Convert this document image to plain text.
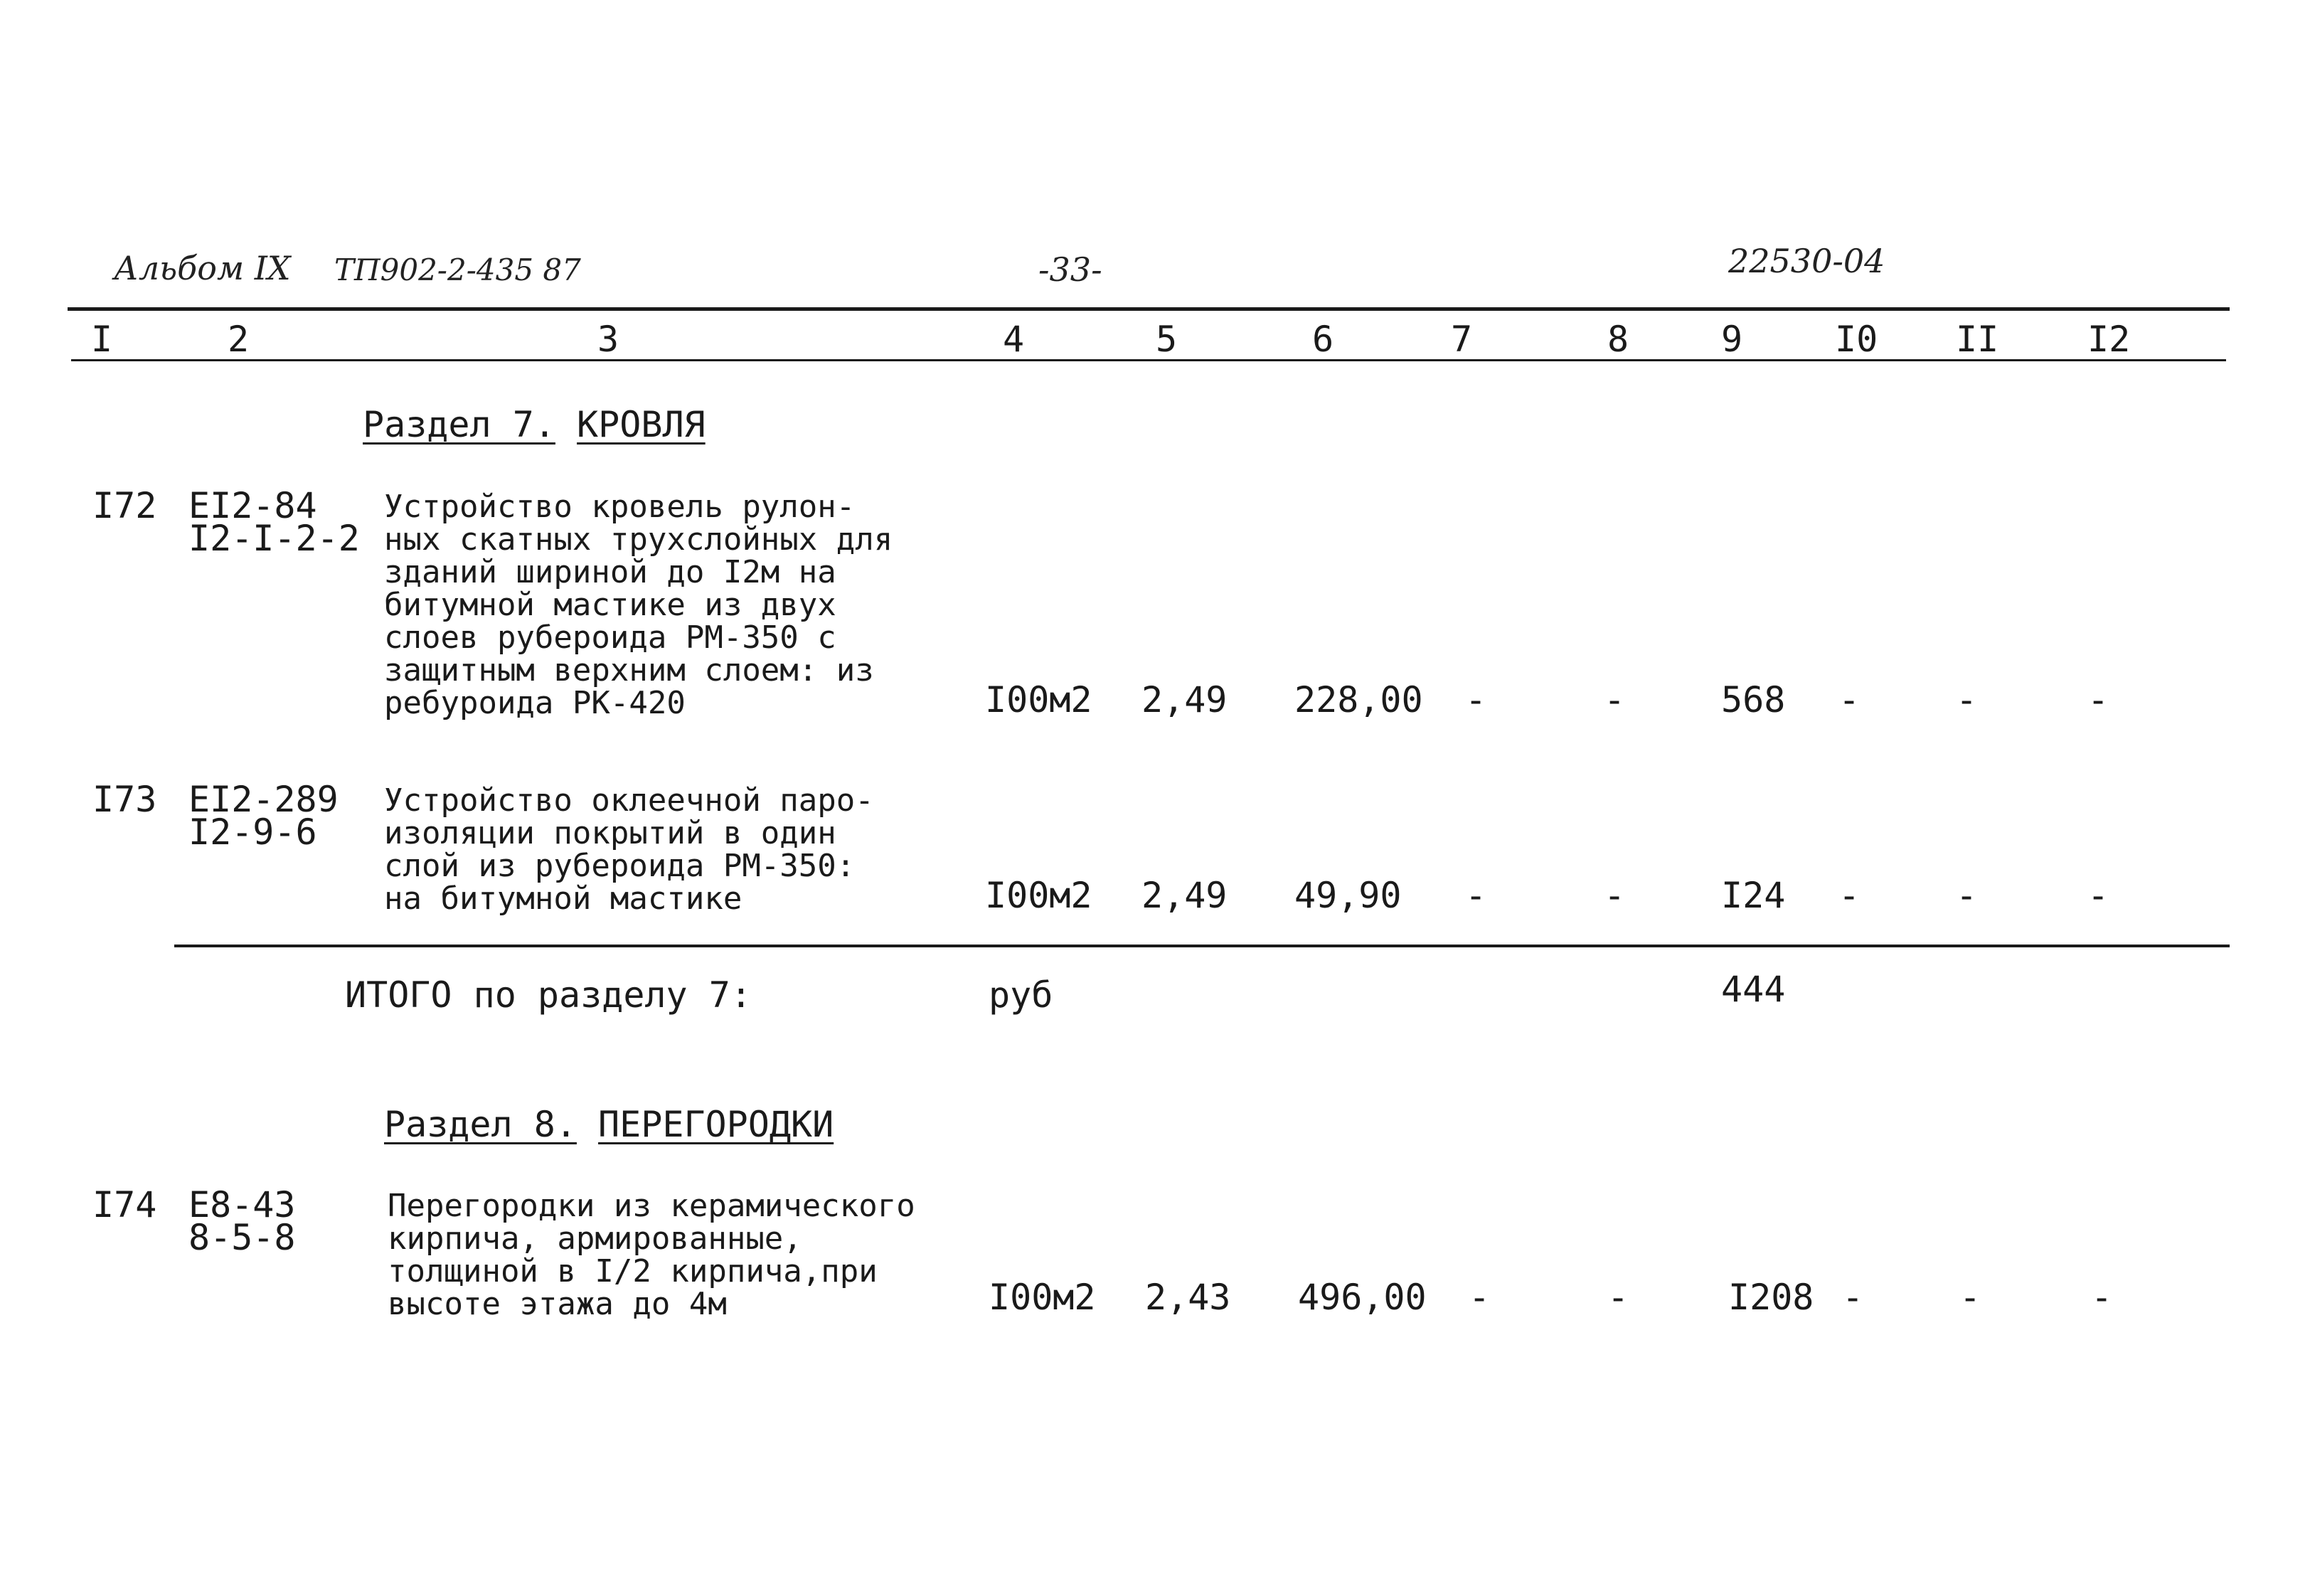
Альбом IX ТП902-2-435 87	-33-	22530-04
I	2	3	4	5	6	7	8	9	I0 II I2
Раздел 7. КРОВЛЯ
I72 EI2-84
I2-I-2-2
Устройство кровель рулон-
ных скатных трухслойных для
зданий шириной до I2м на
битумной мастике из двух
слоев рубероида РМ-350 с
защитным верхним слоем: из
ребуроида РК-420	I00м2 2,49 228,00 -	-	568 -	-	-
I73 EI2-289
I2-9-6
Устройство оклеечной паро-
изоляции покрытий в один
слой из рубероида РМ-350:
на битумной мастике	I00м2 2,49 49,90 -	-	I24 -	-	-
ИТОГО по разделу 7:	руб	444
Раздел 8. ПЕРЕГОРОДКИ
I74 E8-43
8-5-8
Перегородки из керамического
кирпича, армированные,
толщиной в I/2 кирпича,при
высоте этажа до 4м	I00м2 2,43 496,00 -	-	I208 -	-	-
